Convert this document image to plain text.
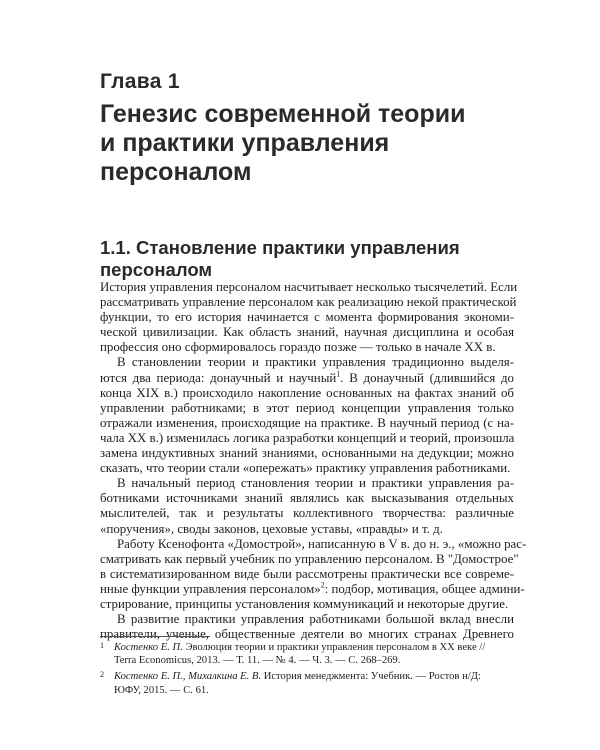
Глава 1
Генезис современной теории
и практики управления
персоналом
1.1. Становление практики управления
персоналом
История управления персоналом насчитывает несколько тысячелетий. Если
рассматривать управление персоналом как реализацию некой практической
функции, то его история начинается с момента формирования экономи-
ческой цивилизации. Как область знаний, научная дисциплина и особая
профессия оно сформировалось гораздо позже — только в начале XX в.
В становлении теории и практики управления традиционно выделя-
ются два периода: донаучный и научный$^1$. В донаучный (длившийся до
конца XIX в.) происходило накопление основанных на фактах знаний об
управлении работниками; в этот период концепции управления только
отражали изменения, происходящие на практике. В научный период (с на-
чала XX в.) изменилась логика разработки концепций и теорий, произошла
замена индуктивных знаний знаниями, основанными на дедукции; можно
сказать, что теории стали «опережать» практику управления работниками.
В начальный период становления теории и практики управления ра-
ботниками источниками знаний являлись как высказывания отдельных
мыслителей, так и результаты коллективного творчества: различные
«поручения», своды законов, цеховые уставы, «правды» и т. д.
Работу Ксенофонта «Домострой», написанную в V в. до н. э., «можно рас-
сматривать как первый учебник по управлению персоналом. В "Домострое"
в систематизированном виде были рассмотрены практически все совреме-
нные функции управления персоналом»$^2$: подбор, мотивация, общее админи-
стрирование, принципы установления коммуникаций и некоторые другие.
В развитие практики управления работниками большой вклад внесли
правители, ученые, общественные деятели во многих странах Древнего
1 Костенко Е. П. Эволюция теории и практики управления персоналом в XX веке //
Terra Economicus, 2013. — Т. 11. — № 4. — Ч. 3. — С. 268–269.
2 Костенко Е. П., Михалкина Е. В. История менеджмента: Учебник. — Ростов н/Д:
ЮФУ, 2015. — С. 61.
